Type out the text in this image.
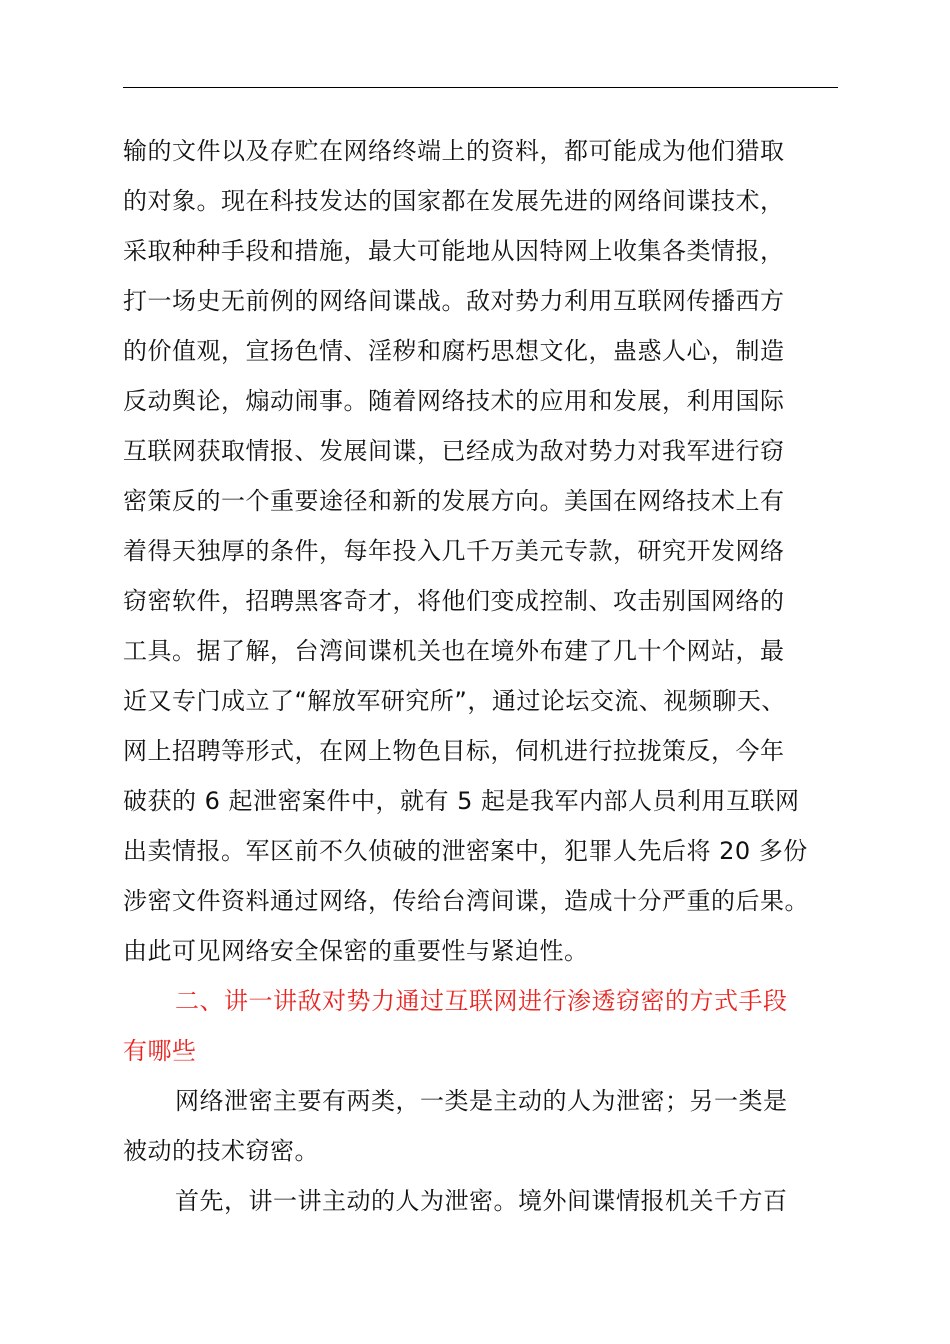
输的文件以及存贮在网络终端上的资料，都可能成为他们猎取
的对象。现在科技发达的国家都在发展先进的网络间谍技术，
采取种种手段和措施，最大可能地从因特网上收集各类情报，
打一场史无前例的网络间谍战。敌对势力利用互联网传播西方
的价值观，宣扬色情、淫秽和腐朽思想文化，蛊惑人心，制造
反动舆论，煽动闹事。随着网络技术的应用和发展，利用国际
互联网获取情报、发展间谍，已经成为敌对势力对我军进行窃
密策反的一个重要途径和新的发展方向。美国在网络技术上有
着得天独厚的条件，每年投入几千万美元专款，研究开发网络
窃密软件，招聘黑客奇才，将他们变成控制、攻击别国网络的
工具。据了解，台湾间谍机关也在境外布建了几十个网站，最
近又专门成立了“解放军研究所”，通过论坛交流、视频聊天、
网上招聘等形式，在网上物色目标，伺机进行拉拢策反，今年
破获的 6 起泄密案件中，就有 5 起是我军内部人员利用互联网
出卖情报。军区前不久侦破的泄密案中，犯罪人先后将 20 多份
涉密文件资料通过网络，传给台湾间谍，造成十分严重的后果。
由此可见网络安全保密的重要性与紧迫性。
二、讲一讲敌对势力通过互联网进行渗透窃密的方式手段
有哪些
网络泄密主要有两类，一类是主动的人为泄密；另一类是
被动的技术窃密。
首先，讲一讲主动的人为泄密。境外间谍情报机关千方百
